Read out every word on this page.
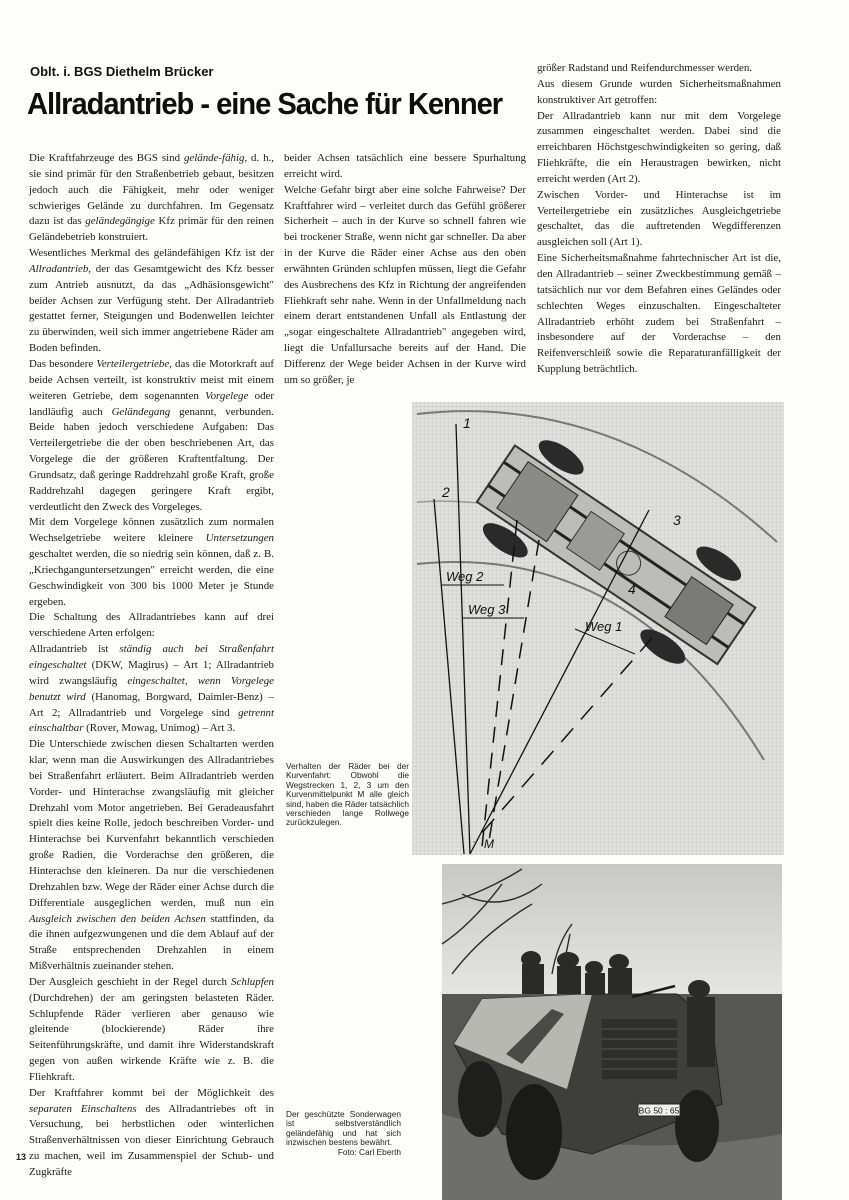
Oblt. i. BGS Diethelm Brücker
Allradantrieb - eine Sache für Kenner

Die Kraftfahrzeuge des BGS sind gelände-fähig, d. h., sie sind primär für den Straßenbetrieb gebaut, besitzen jedoch auch die Fähigkeit, mehr oder weniger schwieriges Gelände zu durchfahren. Im Gegensatz dazu ist das geländegängige Kfz primär für den reinen Geländebetrieb konstruiert.

Wesentliches Merkmal des geländefähigen Kfz ist der Allradantrieb, der das Gesamtgewicht des Kfz besser zum Antrieb ausnutzt, da das „Adhäsionsgewicht" beider Achsen zur Verfügung steht. Der Allradantrieb gestattet ferner, Steigungen und Bodenwellen leichter zu überwinden, weil sich immer angetriebene Räder am Boden befinden.

Das besondere Verteilergetriebe, das die Motorkraft auf beide Achsen verteilt, ist konstruktiv meist mit einem weiteren Getriebe, dem sogenannten Vorgelege oder landläufig auch Geländegang genannt, verbunden. Beide haben jedoch verschiedene Aufgaben: Das Verteilergetriebe die der oben beschriebenen Art, das Vorgelege die der größeren Kraftentfaltung. Der Grundsatz, daß geringe Raddrehzahl große Kraft, große Raddrehzahl dagegen geringere Kraft ergibt, verdeutlicht den Zweck des Vorgeleges.

Mit dem Vorgelege können zusätzlich zum normalen Wechselgetriebe weitere kleinere Untersetzungen geschaltet werden, die so niedrig sein können, daß z. B. „Kriechganguntersetzungen" erreicht werden, die eine Geschwindigkeit von 300 bis 1000 Meter je Stunde ergeben.

Die Schaltung des Allradantriebes kann auf drei verschiedene Arten erfolgen:

Allradantrieb ist ständig auch bei Straßenfahrt eingeschaltet (DKW, Magirus) – Art 1; Allradantrieb wird zwangsläufig eingeschaltet, wenn Vorgelege benutzt wird (Hanomag, Borgward, Daimler-Benz) – Art 2; Allradantrieb und Vorgelege sind getrennt einschaltbar (Rover, Mowag, Unimog) – Art 3.

Die Unterschiede zwischen diesen Schaltarten werden klar, wenn man die Auswirkungen des Allradantriebes bei Straßenfahrt erläutert. Beim Allradantrieb werden Vorder- und Hinterachse zwangsläufig mit gleicher Drehzahl vom Motor angetrieben. Bei Geradeausfahrt spielt dies keine Rolle, jedoch beschreiben Vorder- und Hinterachse bei Kurvenfahrt bekanntlich verschieden große Radien, die Vorderachse den größeren, die Hinterachse den kleineren. Da nur die verschiedenen Drehzahlen bzw. Wege der Räder einer Achse durch die Differentiale ausgeglichen werden, muß nun ein Ausgleich zwischen den beiden Achsen stattfinden, da die ihnen aufgezwungenen und die dem Ablauf auf der Straße entsprechenden Drehzahlen in einem Mißverhältnis zueinander stehen.

Der Ausgleich geschieht in der Regel durch Schlupfen (Durchdrehen) der am geringsten belasteten Räder. Schlupfende Räder verlieren aber genauso wie gleitende (blockierende) Räder ihre Seitenführungskräfte, und damit ihre Widerstandskraft gegen von außen wirkende Kräfte wie z. B. die Fliehkraft.

Der Kraftfahrer kommt bei der Möglichkeit des separaten Einschaltens des Allradantriebes oft in Versuchung, bei herbstlichen oder winterlichen Straßenverhältnissen von dieser Einrichtung Gebrauch zu machen, weil im Zusammenspiel der Schub- und Zugkräfte

beider Achsen tatsächlich eine bessere Spurhaltung erreicht wird.

Welche Gefahr birgt aber eine solche Fahrweise? Der Kraftfahrer wird – verleitet durch das Gefühl größerer Sicherheit – auch in der Kurve so schnell fahren wie bei trockener Straße, wenn nicht gar schneller. Da aber in der Kurve die Räder einer Achse aus den oben erwähnten Gründen schlupfen müssen, liegt die Gefahr des Ausbrechens des Kfz in Richtung der angreifenden Fliehkraft sehr nahe. Wenn in der Unfallmeldung nach einem derart entstandenen Unfall als Entlastung der „sogar eingeschaltete Allradantrieb" angegeben wird, liegt die Unfallursache bereits auf der Hand. Die Differenz der Wege beider Achsen in der Kurve wird um so größer, je

größer Radstand und Reifendurchmesser werden.

Aus diesem Grunde wurden Sicherheitsmaßnahmen konstruktiver Art getroffen:

Der Allradantrieb kann nur mit dem Vorgelege zusammen eingeschaltet werden. Dabei sind die erreichbaren Höchstgeschwindigkeiten so gering, daß Fliehkräfte, die ein Heraustragen bewirken, nicht erreicht werden (Art 2).

Zwischen Vorder- und Hinterachse ist im Verteilergetriebe ein zusätzliches Ausgleichgetriebe geschaltet, das die auftretenden Wegdifferenzen ausgleichen soll (Art 1).

Eine Sicherheitsmaßnahme fahrtechnischer Art ist die, den Allradantrieb – seiner Zweckbestimmung gemäß – tatsächlich nur vor dem Befahren eines Geländes oder schlechten Weges einzuschalten. Eingeschalteter Allradantrieb erhöht zudem bei Straßenfahrt – insbesondere auf der Vorderachse – den Reifenverschleiß sowie die Reparaturanfälligkeit der Kupplung beträchtlich.

1
2
3
4
Weg 2
Weg 3
Weg 1
M
Verhalten der Räder bei der Kurvenfahrt: Obwohl die Wegstrecken 1, 2, 3 um den Kurvenmittelpunkt M alle gleich sind, haben die Räder tatsächlich verschieden lange Rollwege zurückzulegen.
BG 50 : 65
Der geschützte Sonderwagen ist selbstverständlich geländefähig und hat sich inzwischen bestens bewährt.
Foto: Carl Eberth
13
